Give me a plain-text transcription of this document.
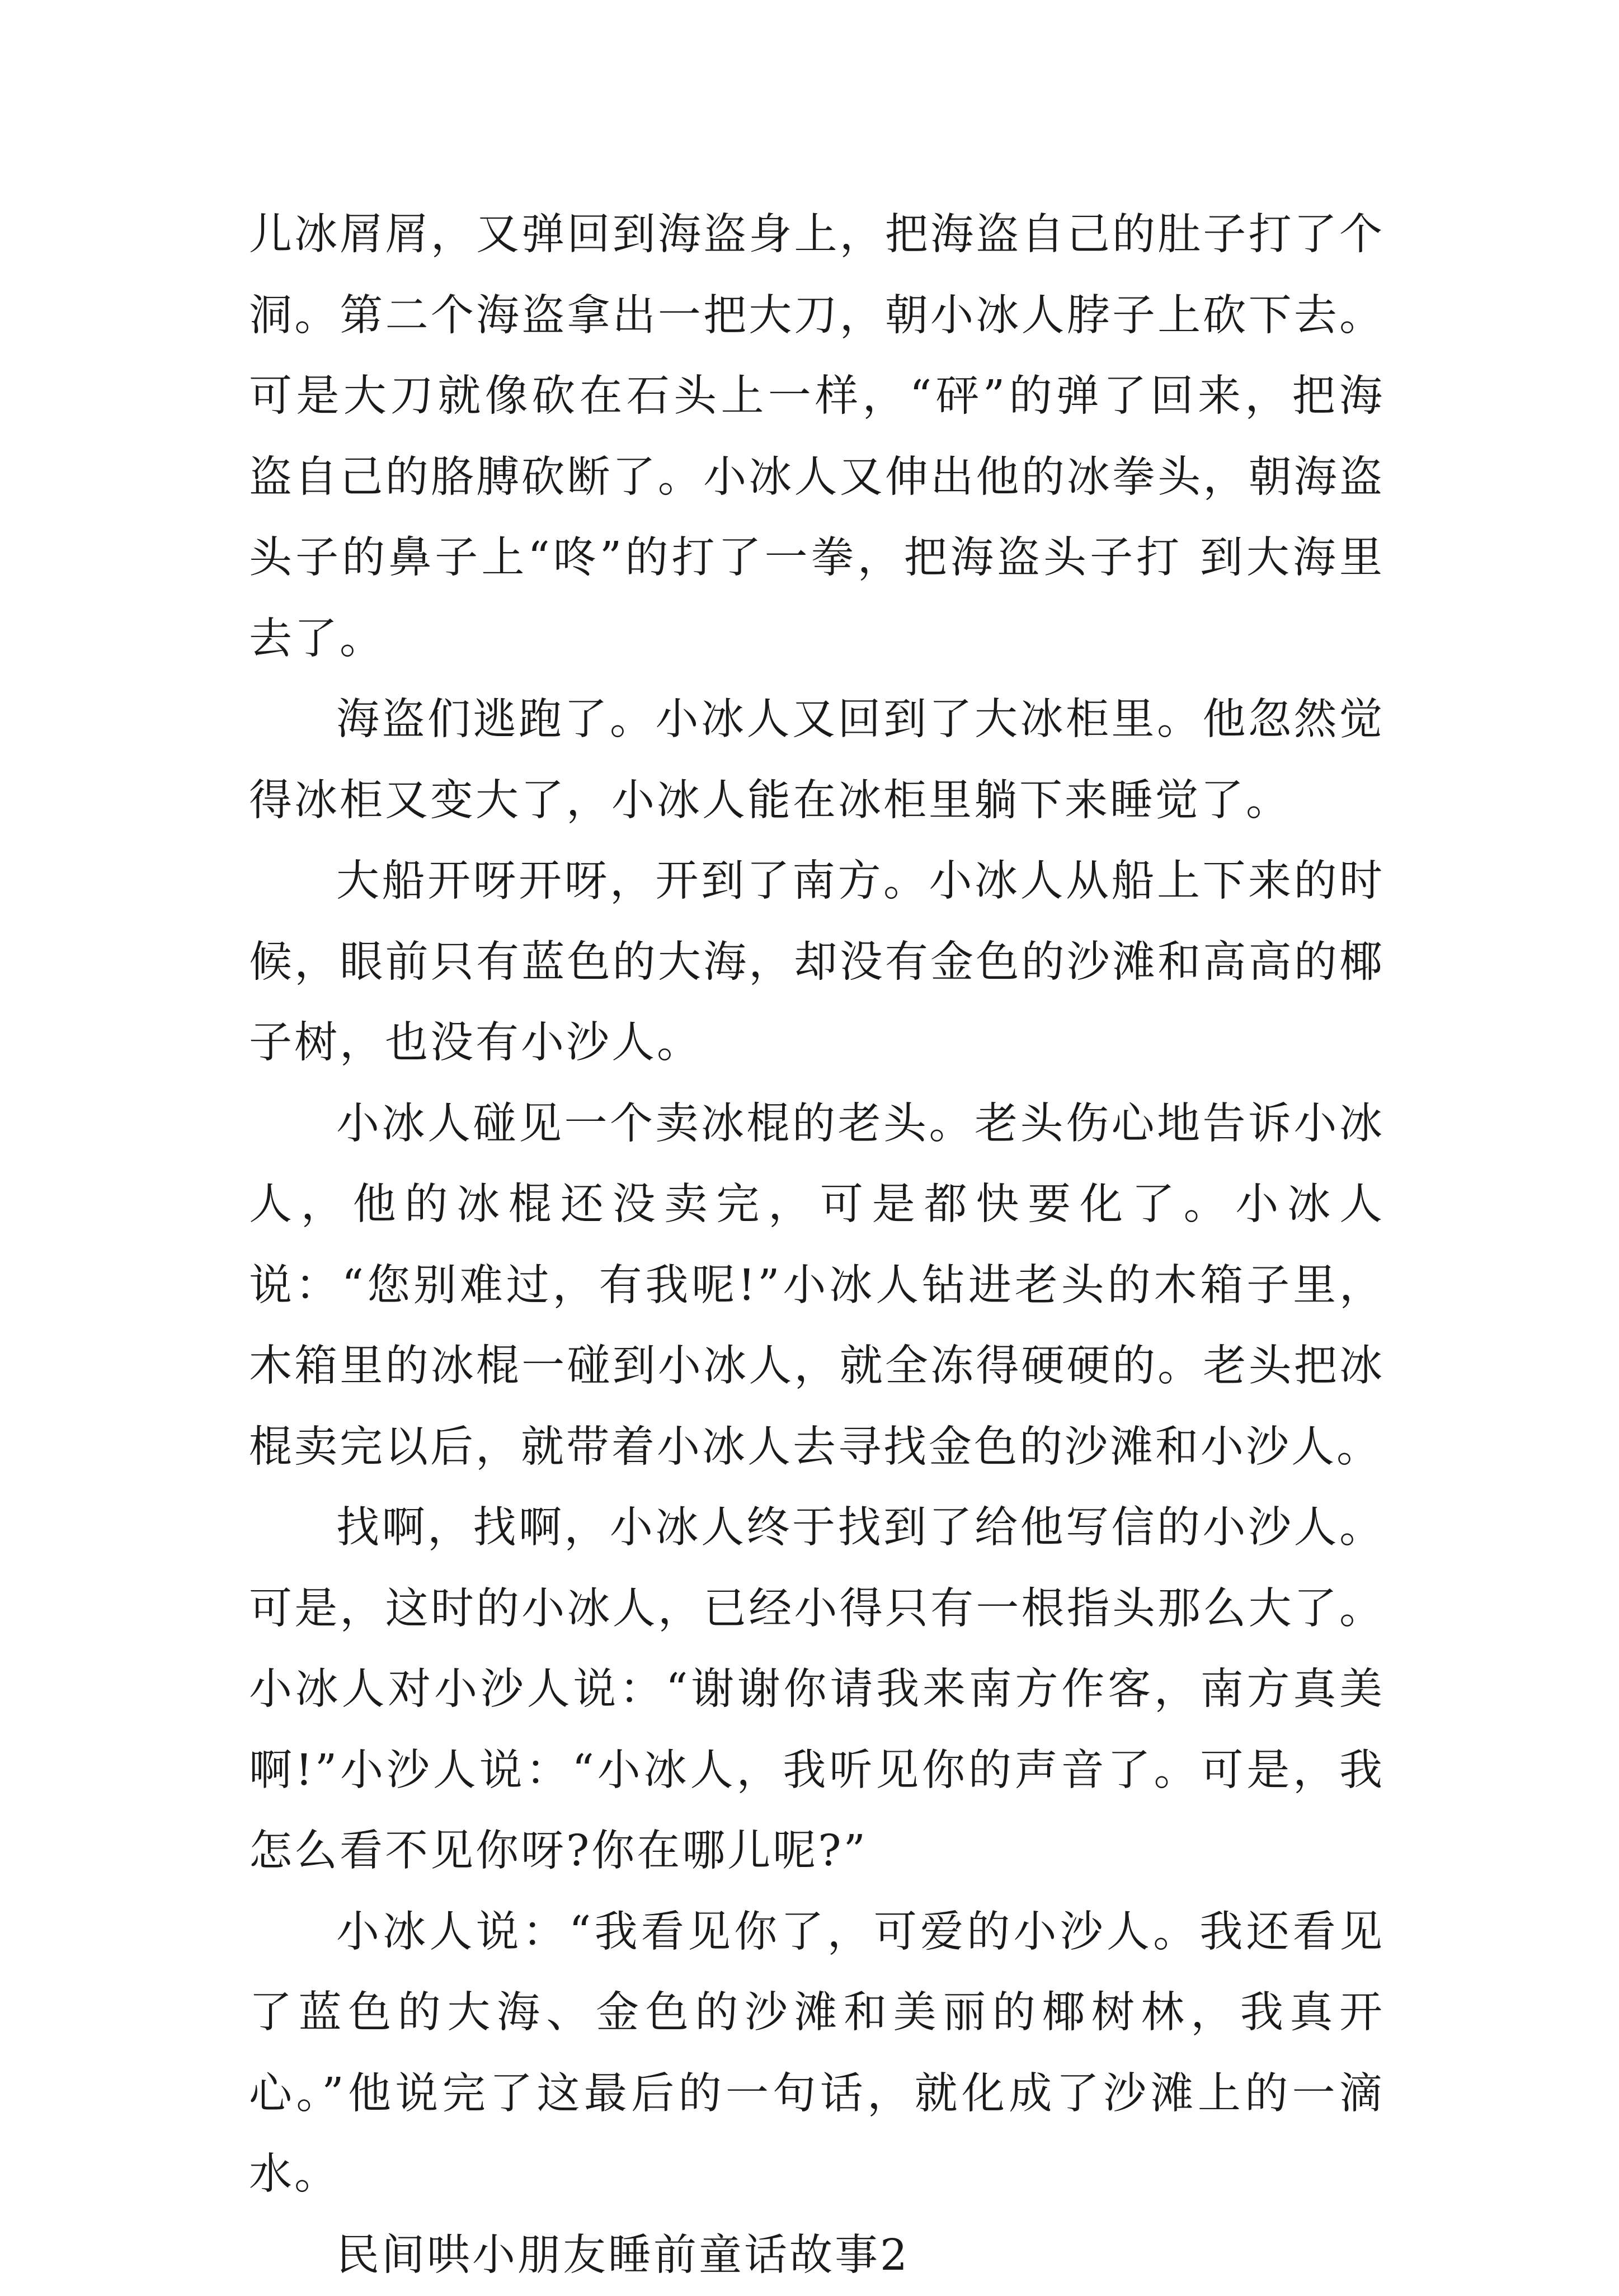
儿冰屑屑，又弹回到海盗身上，把海盗自己的肚子打了个洞。第二个海盗拿出一把大刀，朝小冰人脖子上砍下去。可是大刀就像砍在石头上一样，“砰”的弹了回来，把海盗自己的胳膊砍断了。小冰人又伸出他的冰拳头，朝海盗头子的鼻子上“咚”的打了一拳，把海盗头子打 到大海里去了。

海盗们逃跑了。小冰人又回到了大冰柜里。他忽然觉得冰柜又变大了，小冰人能在冰柜里躺下来睡觉了。

大船开呀开呀，开到了南方。小冰人从船上下来的时候，眼前只有蓝色的大海，却没有金色的沙滩和高高的椰子树，也没有小沙人。

小冰人碰见一个卖冰棍的老头。老头伤心地告诉小冰人，他的冰棍还没卖完，可是都快要化了。小冰人说：“您别难过，有我呢!”小冰人钻进老头的木箱子里，木箱里的冰棍一碰到小冰人，就全冻得硬硬的。老头把冰棍卖完以后，就带着小冰人去寻找金色的沙滩和小沙人。

找啊，找啊，小冰人终于找到了给他写信的小沙人。可是，这时的小冰人，已经小得只有一根指头那么大了。小冰人对小沙人说：“谢谢你请我来南方作客，南方真美啊!”小沙人说：“小冰人，我听见你的声音了。可是，我怎么看不见你呀?你在哪儿呢?”

小冰人说：“我看见你了，可爱的小沙人。我还看见了蓝色的大海、金色的沙滩和美丽的椰树林，我真开心。”他说完了这最后的一句话，就化成了沙滩上的一滴水。

民间哄小朋友睡前童话故事2
